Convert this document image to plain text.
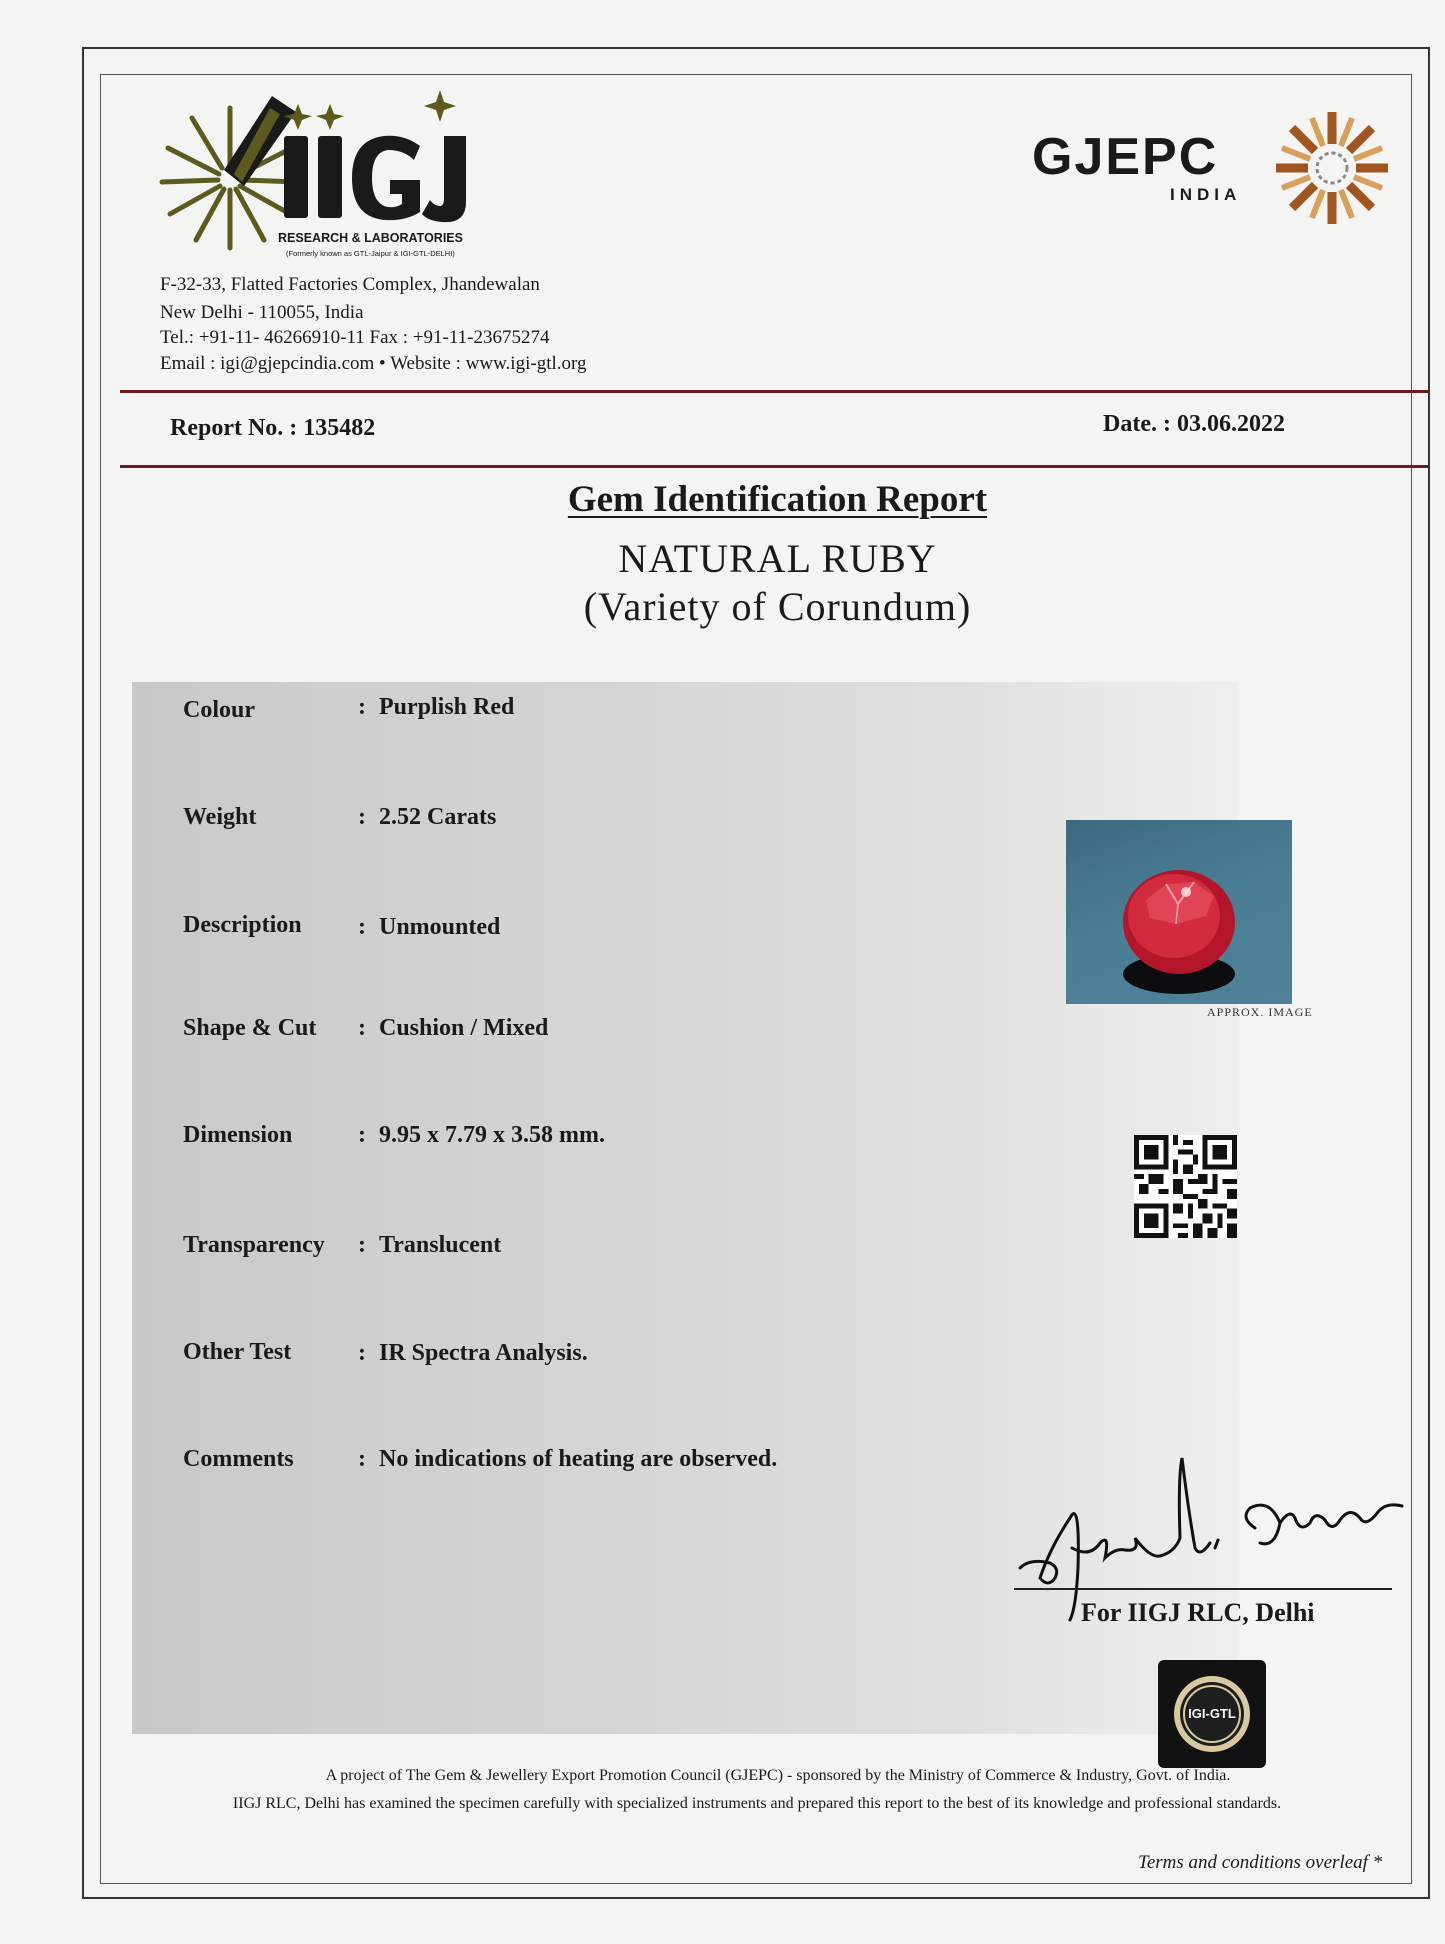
RESEARCH & LABORATORIES
(Formerly known as GTL-Jaipur & IGI-GTL-DELHI)
F-32-33, Flatted Factories Complex, Jhandewalan
New Delhi - 110055, India
Tel.: +91-11- 46266910-11 Fax : +91-11-23675274
Email : igi@gjepcindia.com • Website : www.igi-gtl.org
GJEPC
INDIA
Report No. : 135482	Date. : 03.06.2022
Gem Identification Report
NATURAL RUBY
(Variety of Corundum)
Colour	: Purplish Red
Weight	: 2.52 Carats
Description : Unmounted
Shape & Cut : Cushion / Mixed
Dimension	: 9.95 x 7.79 x 3.58 mm.
Transparency : Translucent
Other Test	: IR Spectra Analysis.
Comments	: No indications of heating are observed.
APPROX. IMAGE
For IIGJ RLC, Delhi
IGI-GTL
A project of The Gem & Jewellery Export Promotion Council (GJEPC) - sponsored by the Ministry of Commerce & Industry, Govt. of India.
IIGJ RLC, Delhi has examined the specimen carefully with specialized instruments and prepared this report to the best of its knowledge and professional standards.
Terms and conditions overleaf *
